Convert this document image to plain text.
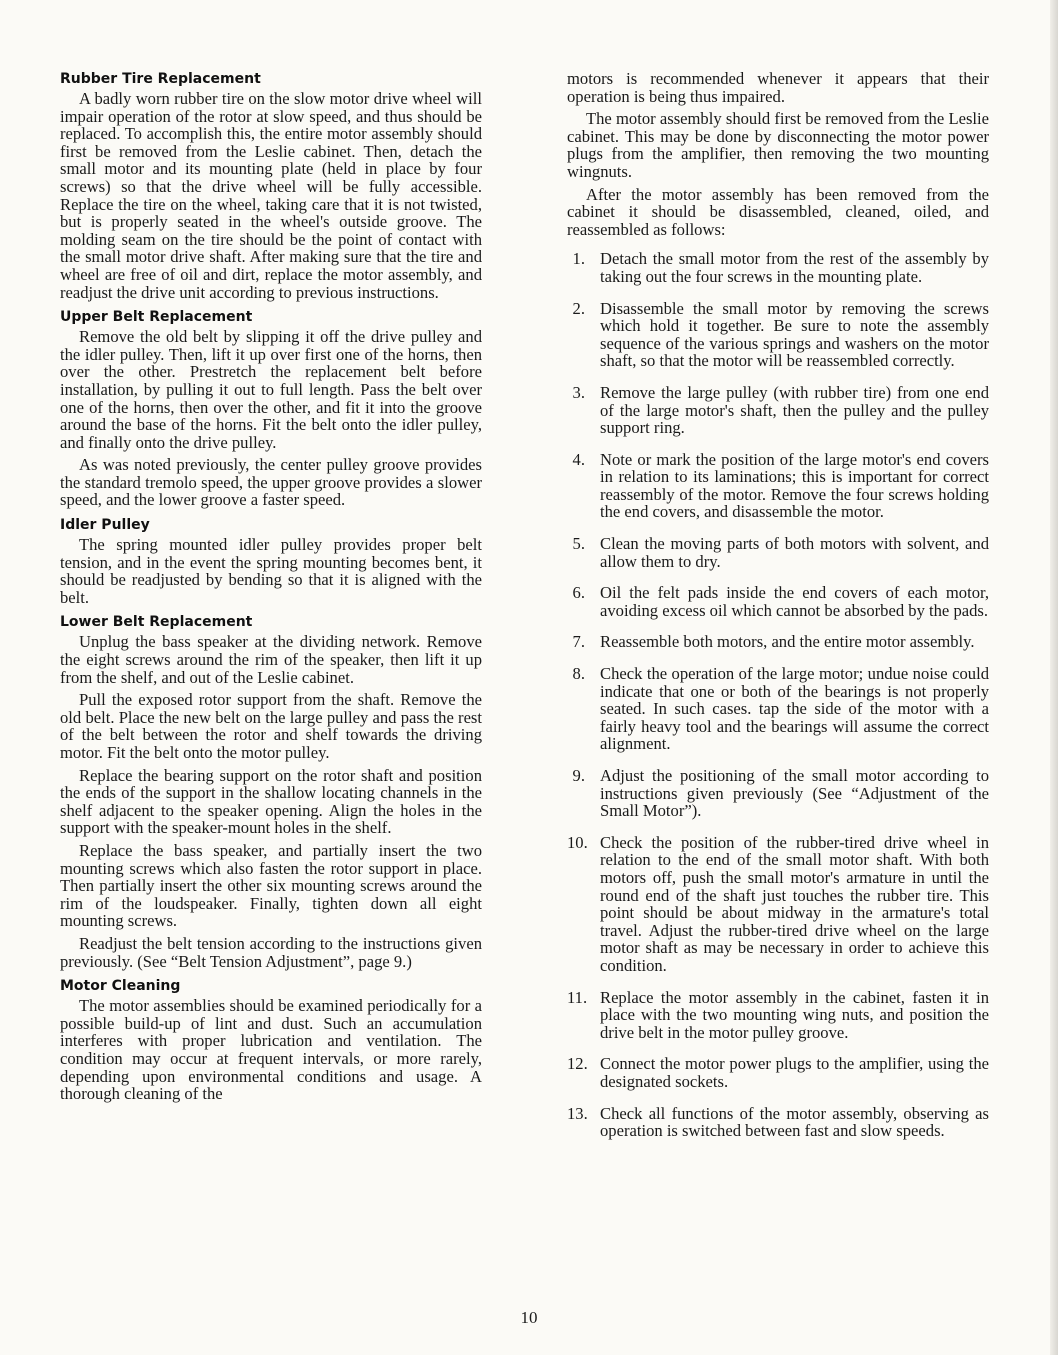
Rubber Tire Replacement

A badly worn rubber tire on the slow motor drive wheel will impair operation of the rotor at slow speed, and thus should be replaced. To accomplish this, the entire motor assembly should first be removed from the Leslie cabinet. Then, detach the small motor and its mounting plate (held in place by four screws) so that the drive wheel will be fully accessible. Replace the tire on the wheel, taking care that it is not twisted, but is properly seated in the wheel's outside groove. The molding seam on the tire should be the point of contact with the small motor drive shaft. After making sure that the tire and wheel are free of oil and dirt, replace the motor assembly, and readjust the drive unit according to previous instructions.

Upper Belt Replacement

Remove the old belt by slipping it off the drive pulley and the idler pulley. Then, lift it up over first one of the horns, then over the other. Prestretch the replacement belt before installation, by pulling it out to full length. Pass the belt over one of the horns, then over the other, and fit it into the groove around the base of the horns. Fit the belt onto the idler pulley, and finally onto the drive pulley.

As was noted previously, the center pulley groove provides the standard tremolo speed, the upper groove provides a slower speed, and the lower groove a faster speed.

Idler Pulley

The spring mounted idler pulley provides proper belt tension, and in the event the spring mounting becomes bent, it should be readjusted by bending so that it is aligned with the belt.

Lower Belt Replacement

Unplug the bass speaker at the dividing network. Remove the eight screws around the rim of the speaker, then lift it up from the shelf, and out of the Leslie cabinet.

Pull the exposed rotor support from the shaft. Remove the old belt. Place the new belt on the large pulley and pass the rest of the belt between the rotor and shelf towards the driving motor. Fit the belt onto the motor pulley.

Replace the bearing support on the rotor shaft and position the ends of the support in the shallow locating channels in the shelf adjacent to the speaker opening. Align the holes in the support with the speaker-mount holes in the shelf.

Replace the bass speaker, and partially insert the two mounting screws which also fasten the rotor support in place. Then partially insert the other six mounting screws around the rim of the loudspeaker. Finally, tighten down all eight mounting screws.

Readjust the belt tension according to the instructions given previously. (See “Belt Tension Adjustment”, page 9.)

Motor Cleaning

The motor assemblies should be examined periodically for a possible build-up of lint and dust. Such an accumulation interferes with proper lubrication and ventilation. The condition may occur at frequent intervals, or more rarely, depending upon environmental conditions and usage. A thorough cleaning of the

motors is recommended whenever it appears that their operation is being thus impaired.

The motor assembly should first be removed from the Leslie cabinet. This may be done by disconnecting the motor power plugs from the amplifier, then removing the two mounting wingnuts.

After the motor assembly has been removed from the cabinet it should be disassembled, cleaned, oiled, and reassembled as follows:

1. Detach the small motor from the rest of the assembly by taking out the four screws in the mounting plate.
2. Disassemble the small motor by removing the screws which hold it together. Be sure to note the assembly sequence of the various springs and washers on the motor shaft, so that the motor will be reassembled correctly.
3. Remove the large pulley (with rubber tire) from one end of the large motor's shaft, then the pulley and the pulley support ring.
4. Note or mark the position of the large motor's end covers in relation to its laminations; this is important for correct reassembly of the motor. Remove the four screws holding the end covers, and disassemble the motor.
5. Clean the moving parts of both motors with solvent, and allow them to dry.
6. Oil the felt pads inside the end covers of each motor, avoiding excess oil which cannot be absorbed by the pads.
7. Reassemble both motors, and the entire motor assembly.
8. Check the operation of the large motor; undue noise could indicate that one or both of the bearings is not properly seated. In such cases. tap the side of the motor with a fairly heavy tool and the bearings will assume the correct alignment.
9. Adjust the positioning of the small motor according to instructions given previously (See “Adjustment of the Small Motor”).
10. Check the position of the rubber-tired drive wheel in relation to the end of the small motor shaft. With both motors off, push the small motor's armature in until the round end of the shaft just touches the rubber tire. This point should be about midway in the armature's total travel. Adjust the rubber-tired drive wheel on the large motor shaft as may be necessary in order to achieve this condition.
11. Replace the motor assembly in the cabinet, fasten it in place with the two mounting wing nuts, and position the drive belt in the motor pulley groove.
12. Connect the motor power plugs to the amplifier, using the designated sockets.
13. Check all functions of the motor assembly, observing as operation is switched between fast and slow speeds.
10
